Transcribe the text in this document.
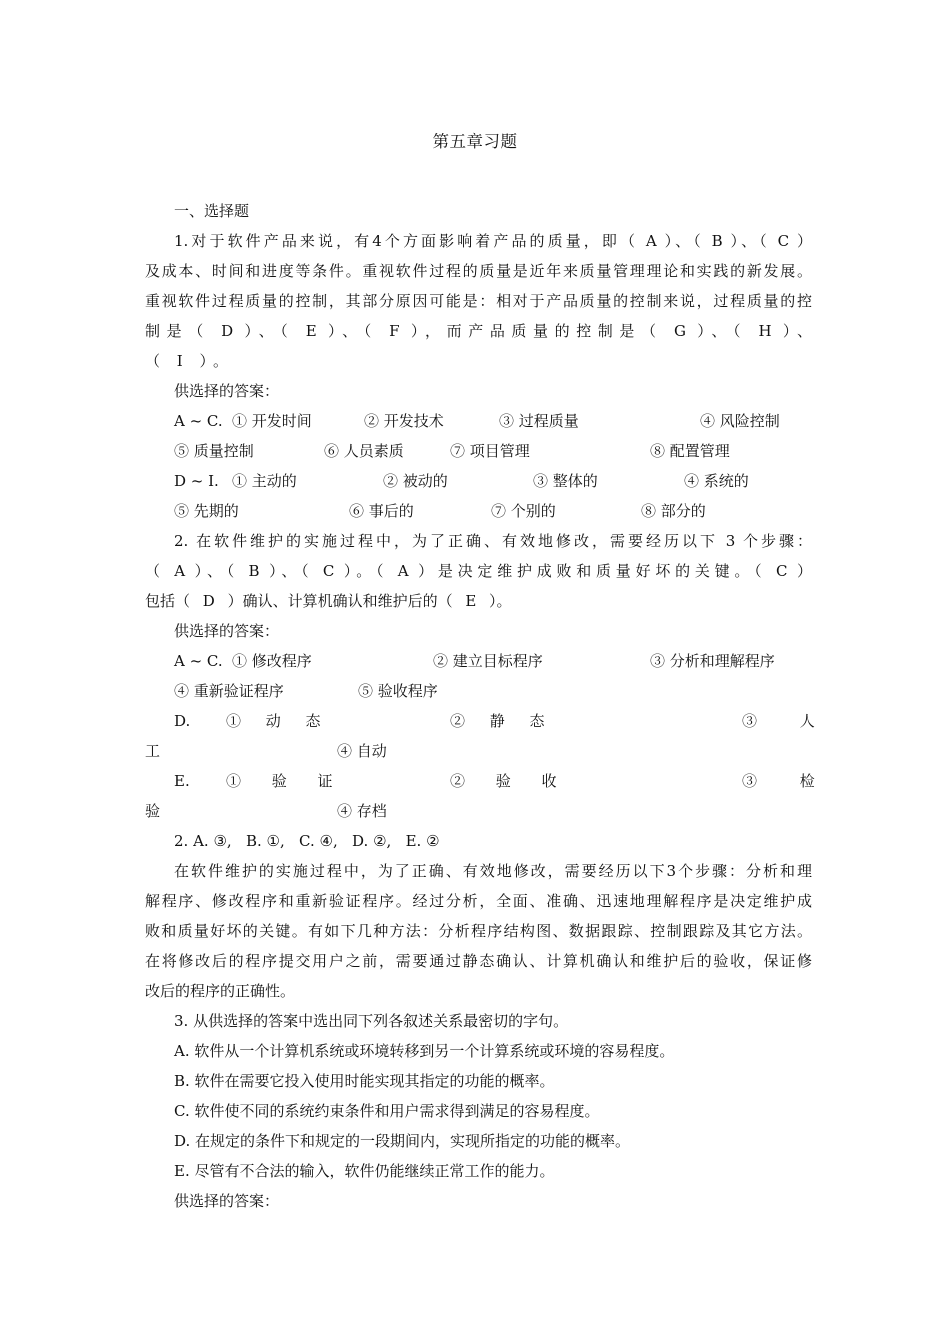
第五章习题
一、选择题
1.对于软件产品来说，有4个方面影响着产品的质量，即（ A ）、（ B ）、（ C ）
及成本、时间和进度等条件。重视软件过程的质量是近年来质量管理理论和实践的新发展。
重视软件过程质量的控制，其部分原因可能是：相对于产品质量的控制来说，过程质量的控
制是（ D ）、（ E ）、（ F ），而产品质量的控制是（ G ）、（ H ）、
（ I ）。
供选择的答案：
A ~ C. ① 开发时间	② 开发技术	③ 过程质量	④ 风险控制
⑤ 质量控制	⑥ 人员素质	⑦ 项目管理	⑧ 配置管理
D ~ I. ① 主动的	② 被动的	③ 整体的	④ 系统的
⑤ 先期的	⑥ 事后的	⑦ 个别的	⑧ 部分的
2. 在软件维护的实施过程中，为了正确、有效地修改，需要经历以下 3 个步骤：
（ A ）、（ B ）、（ C ）。（ A ）是决定维护成败和质量好坏的关键。（ C ）
包括（ D ）确认、计算机确认和维护后的（ E ）。
供选择的答案：
A ~ C. ① 修改程序	② 建立目标程序	③ 分析和理解程序
④ 重新验证程序	⑤ 验收程序
D. ① 动 态	② 静 态	③ 人
工	④ 自动
E. ① 验 证	② 验 收	③ 检
验	④ 存档
2. A. ③,   B. ①,   C. ④,   D. ②,   E. ②
在软件维护的实施过程中，为了正确、有效地修改，需要经历以下3个步骤：分析和理
解程序、修改程序和重新验证程序。经过分析，全面、准确、迅速地理解程序是决定维护成
败和质量好坏的关键。有如下几种方法：分析程序结构图、数据跟踪、控制跟踪及其它方法。
在将修改后的程序提交用户之前，需要通过静态确认、计算机确认和维护后的验收，保证修
改后的程序的正确性。
3. 从供选择的答案中选出同下列各叙述关系最密切的字句。
A. 软件从一个计算机系统或环境转移到另一个计算系统或环境的容易程度。
B. 软件在需要它投入使用时能实现其指定的功能的概率。
C. 软件使不同的系统约束条件和用户需求得到满足的容易程度。
D. 在规定的条件下和规定的一段期间内，实现所指定的功能的概率。
E. 尽管有不合法的输入，软件仍能继续正常工作的能力。
供选择的答案：
